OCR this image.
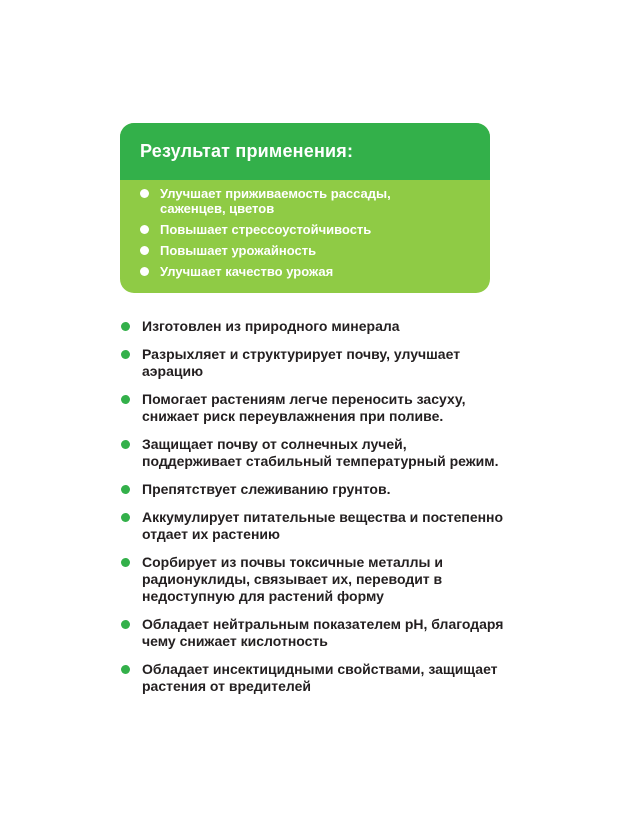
Результат применения:
Улучшает приживаемость рассады, саженцев, цветов
Повышает стрессоустойчивость
Повышает урожайность
Улучшает качество урожая
Изготовлен из природного минерала
Разрыхляет и структурирует почву, улучшает аэрацию
Помогает растениям легче переносить засуху, снижает риск переувлажнения при поливе.
Защищает почву от солнечных лучей, поддерживает стабильный температурный режим.
Препятствует слеживанию грунтов.
Аккумулирует питательные вещества и постепенно отдает их растению
Сорбирует из почвы токсичные металлы и радионуклиды, связывает их, переводит в недоступную для растений форму
Обладает нейтральным показателем pH, благодаря чему снижает кислотность
Обладает инсектицидными свойствами, защищает растения от вредителей
